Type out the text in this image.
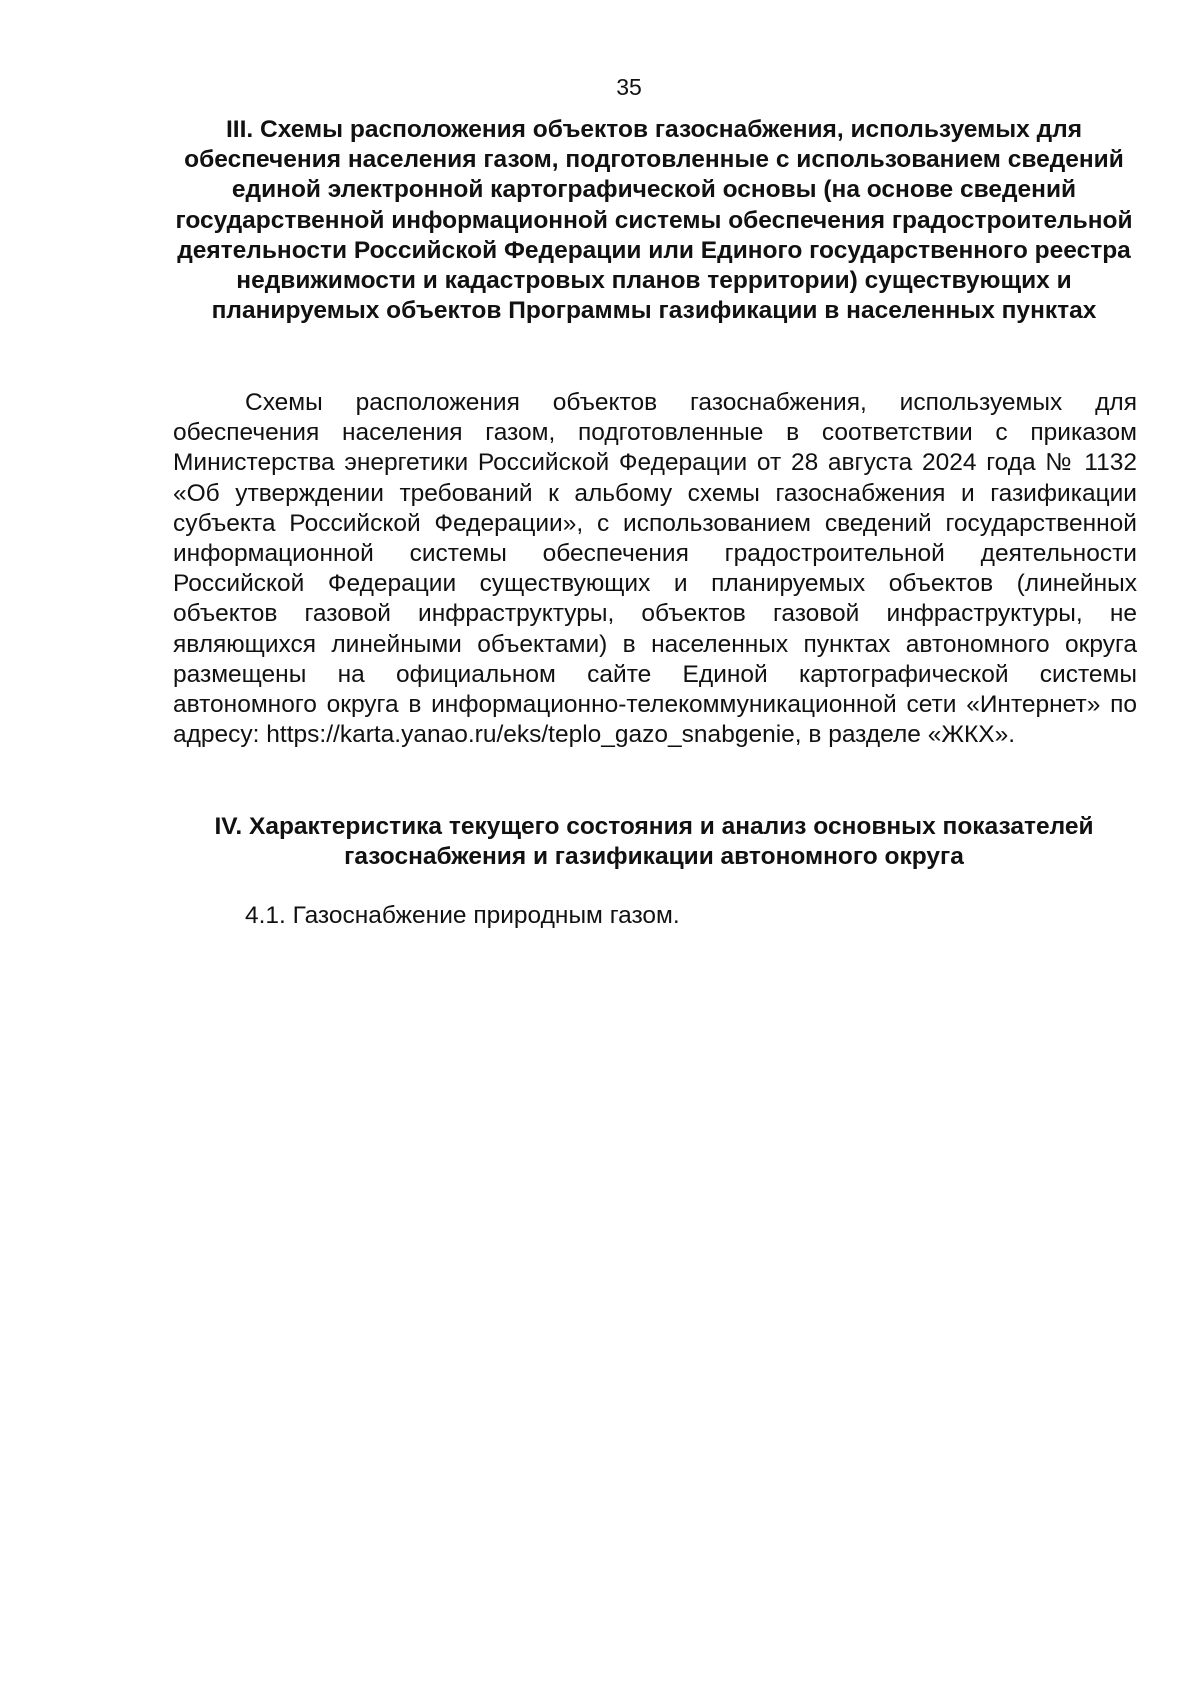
35
III. Схемы расположения объектов газоснабжения, используемых для обеспечения населения газом, подготовленные с использованием сведений единой электронной картографической основы (на основе сведений государственной информационной системы обеспечения градостроительной деятельности Российской Федерации или Единого государственного реестра недвижимости и кадастровых планов территории) существующих и планируемых объектов Программы газификации в населенных пунктах

Схемы расположения объектов газоснабжения, используемых для обеспечения населения газом, подготовленные в соответствии с приказом Министерства энергетики Российской Федерации от 28 августа 2024 года № 1132 «Об утверждении требований к альбому схемы газоснабжения и газификации субъекта Российской Федерации», с использованием сведений государственной информационной системы обеспечения градостроительной деятельности Российской Федерации существующих и планируемых объектов (линейных объектов газовой инфраструктуры, объектов газовой инфраструктуры, не являющихся линейными объектами) в населенных пунктах автономного округа размещены на официальном сайте Единой картографической системы автономного округа в информационно-телекоммуникационной сети «Интернет» по адресу: https://karta.yanao.ru/eks/teplo_gazo_snabgenie, в разделе «ЖКХ».

IV. Характеристика текущего состояния и анализ основных показателей газоснабжения и газификации автономного округа

4.1. Газоснабжение природным газом.
